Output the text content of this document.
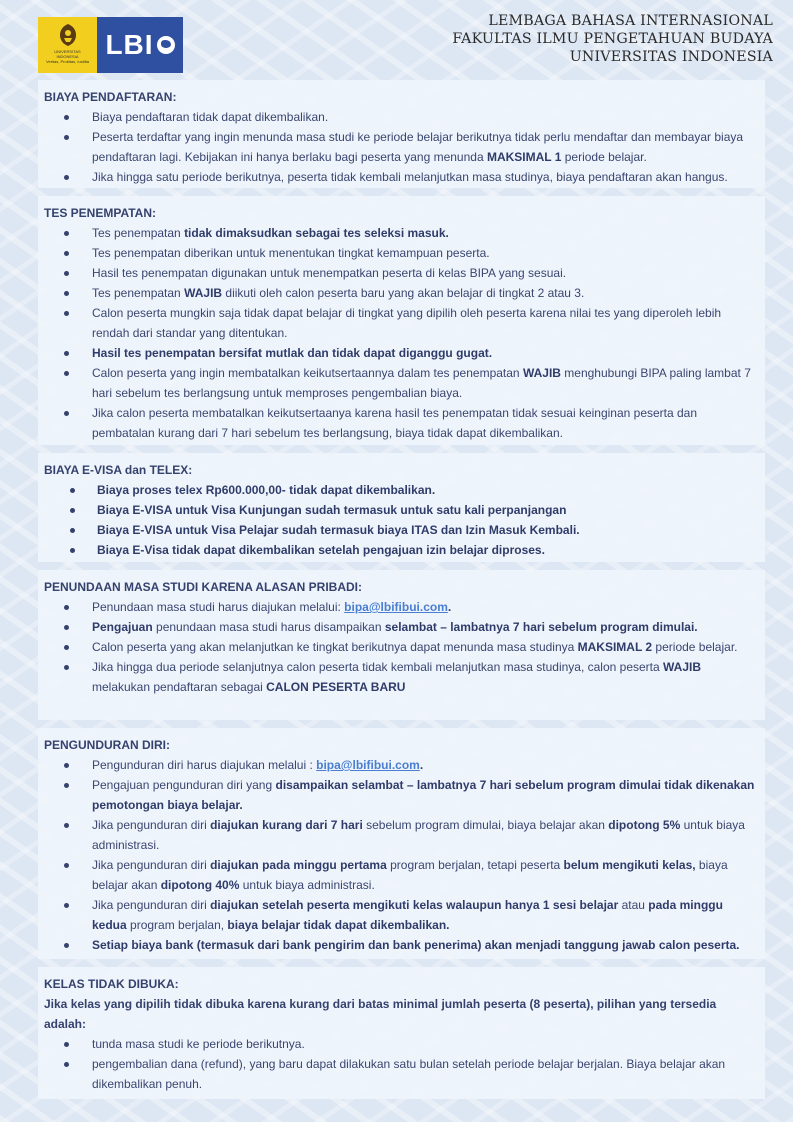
UNIVERSITAS
INDONESIA
Veritas, Probitas, Iustitia
LBI
LEMBAGA BAHASA INTERNASIONAL
FAKULTAS ILMU PENGETAHUAN BUDAYA
UNIVERSITAS INDONESIA
BIAYA PENDAFTARAN:
Biaya pendaftaran tidak dapat dikembalikan.
Peserta terdaftar yang ingin menunda masa studi ke periode belajar berikutnya tidak perlu mendaftar dan membayar biaya pendaftaran lagi. Kebijakan ini hanya berlaku bagi peserta yang menunda MAKSIMAL 1 periode belajar.
Jika hingga satu periode berikutnya, peserta tidak kembali melanjutkan masa studinya, biaya pendaftaran akan hangus.
TES PENEMPATAN:
Tes penempatan tidak dimaksudkan sebagai tes seleksi masuk.
Tes penempatan diberikan untuk menentukan tingkat kemampuan peserta.
Hasil tes penempatan digunakan untuk menempatkan peserta di kelas BIPA yang sesuai.
Tes penempatan WAJIB diikuti oleh calon peserta baru yang akan belajar di tingkat 2 atau 3.
Calon peserta mungkin saja tidak dapat belajar di tingkat yang dipilih oleh peserta karena nilai tes yang diperoleh lebih rendah dari standar yang ditentukan.
Hasil tes penempatan bersifat mutlak dan tidak dapat diganggu gugat.
Calon peserta yang ingin membatalkan keikutsertaannya dalam tes penempatan WAJIB menghubungi BIPA paling lambat 7 hari sebelum tes berlangsung untuk memproses pengembalian biaya.
Jika calon peserta membatalkan keikutsertaanya karena hasil tes penempatan tidak sesuai keinginan peserta dan pembatalan kurang dari 7 hari sebelum tes berlangsung, biaya tidak dapat dikembalikan.
BIAYA E-VISA dan TELEX:
Biaya proses telex Rp600.000,00- tidak dapat dikembalikan.
Biaya E-VISA untuk Visa Kunjungan sudah termasuk untuk satu kali perpanjangan
Biaya E-VISA untuk Visa Pelajar sudah termasuk biaya ITAS dan Izin Masuk Kembali.
Biaya E-Visa tidak dapat dikembalikan setelah pengajuan izin belajar diproses.
PENUNDAAN MASA STUDI KARENA ALASAN PRIBADI:
Penundaan masa studi harus diajukan melalui: bipa@lbifibui.com.
Pengajuan penundaan masa studi harus disampaikan selambat – lambatnya 7 hari sebelum program dimulai.
Calon peserta yang akan melanjutkan ke tingkat berikutnya dapat menunda masa studinya MAKSIMAL 2 periode belajar.
Jika hingga dua periode selanjutnya calon peserta tidak kembali melanjutkan masa studinya, calon peserta WAJIB melakukan pendaftaran sebagai CALON PESERTA BARU
PENGUNDURAN DIRI:
Pengunduran diri harus diajukan melalui : bipa@lbifibui.com.
Pengajuan pengunduran diri yang disampaikan selambat – lambatnya 7 hari sebelum program dimulai tidak dikenakan pemotongan biaya belajar.
Jika pengunduran diri diajukan kurang dari 7 hari sebelum program dimulai, biaya belajar akan dipotong 5% untuk biaya administrasi.
Jika pengunduran diri diajukan pada minggu pertama program berjalan, tetapi peserta belum mengikuti kelas, biaya belajar akan dipotong 40% untuk biaya administrasi.
Jika pengunduran diri diajukan setelah peserta mengikuti kelas walaupun hanya 1 sesi belajar atau pada minggu kedua program berjalan, biaya belajar tidak dapat dikembalikan.
Setiap biaya bank (termasuk dari bank pengirim dan bank penerima) akan menjadi tanggung jawab calon peserta.
KELAS TIDAK DIBUKA:
Jika kelas yang dipilih tidak dibuka karena kurang dari batas minimal jumlah peserta (8 peserta), pilihan yang tersedia adalah:
tunda masa studi ke periode berikutnya.
pengembalian dana (refund), yang baru dapat dilakukan satu bulan setelah periode belajar berjalan. Biaya belajar akan dikembalikan penuh.
